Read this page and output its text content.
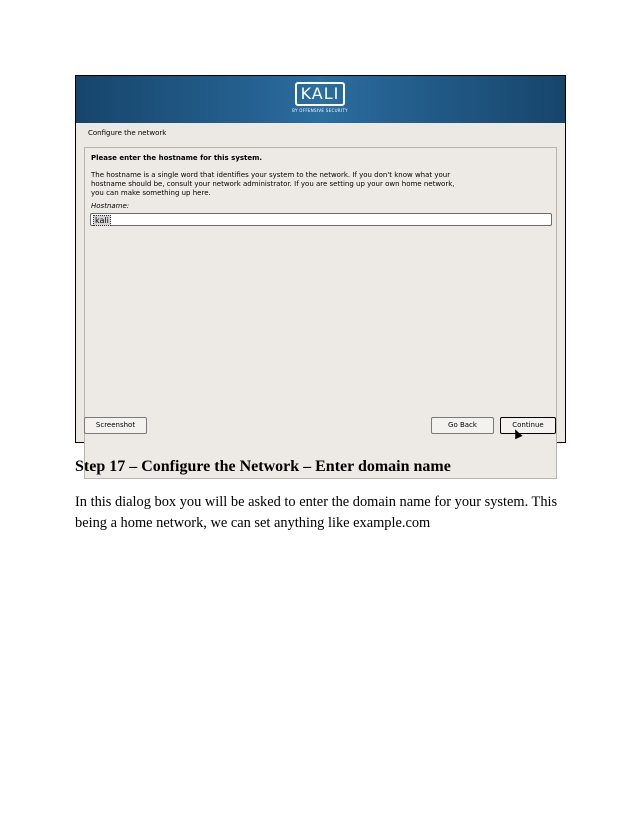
KALI
BY OFFENSIVE SECURITY
Configure the network
Please enter the hostname for this system.
The hostname is a single word that identifies your system to the network. If you don't know what your
hostname should be, consult your network administrator. If you are setting up your own home network,
you can make something up here.
Hostname:
kali
Screenshot	Go Back	Continue
Step 17 – Configure the Network – Enter domain name
In this dialog box you will be asked to enter the domain name for your system. This being a home network, we can set anything like example.com
